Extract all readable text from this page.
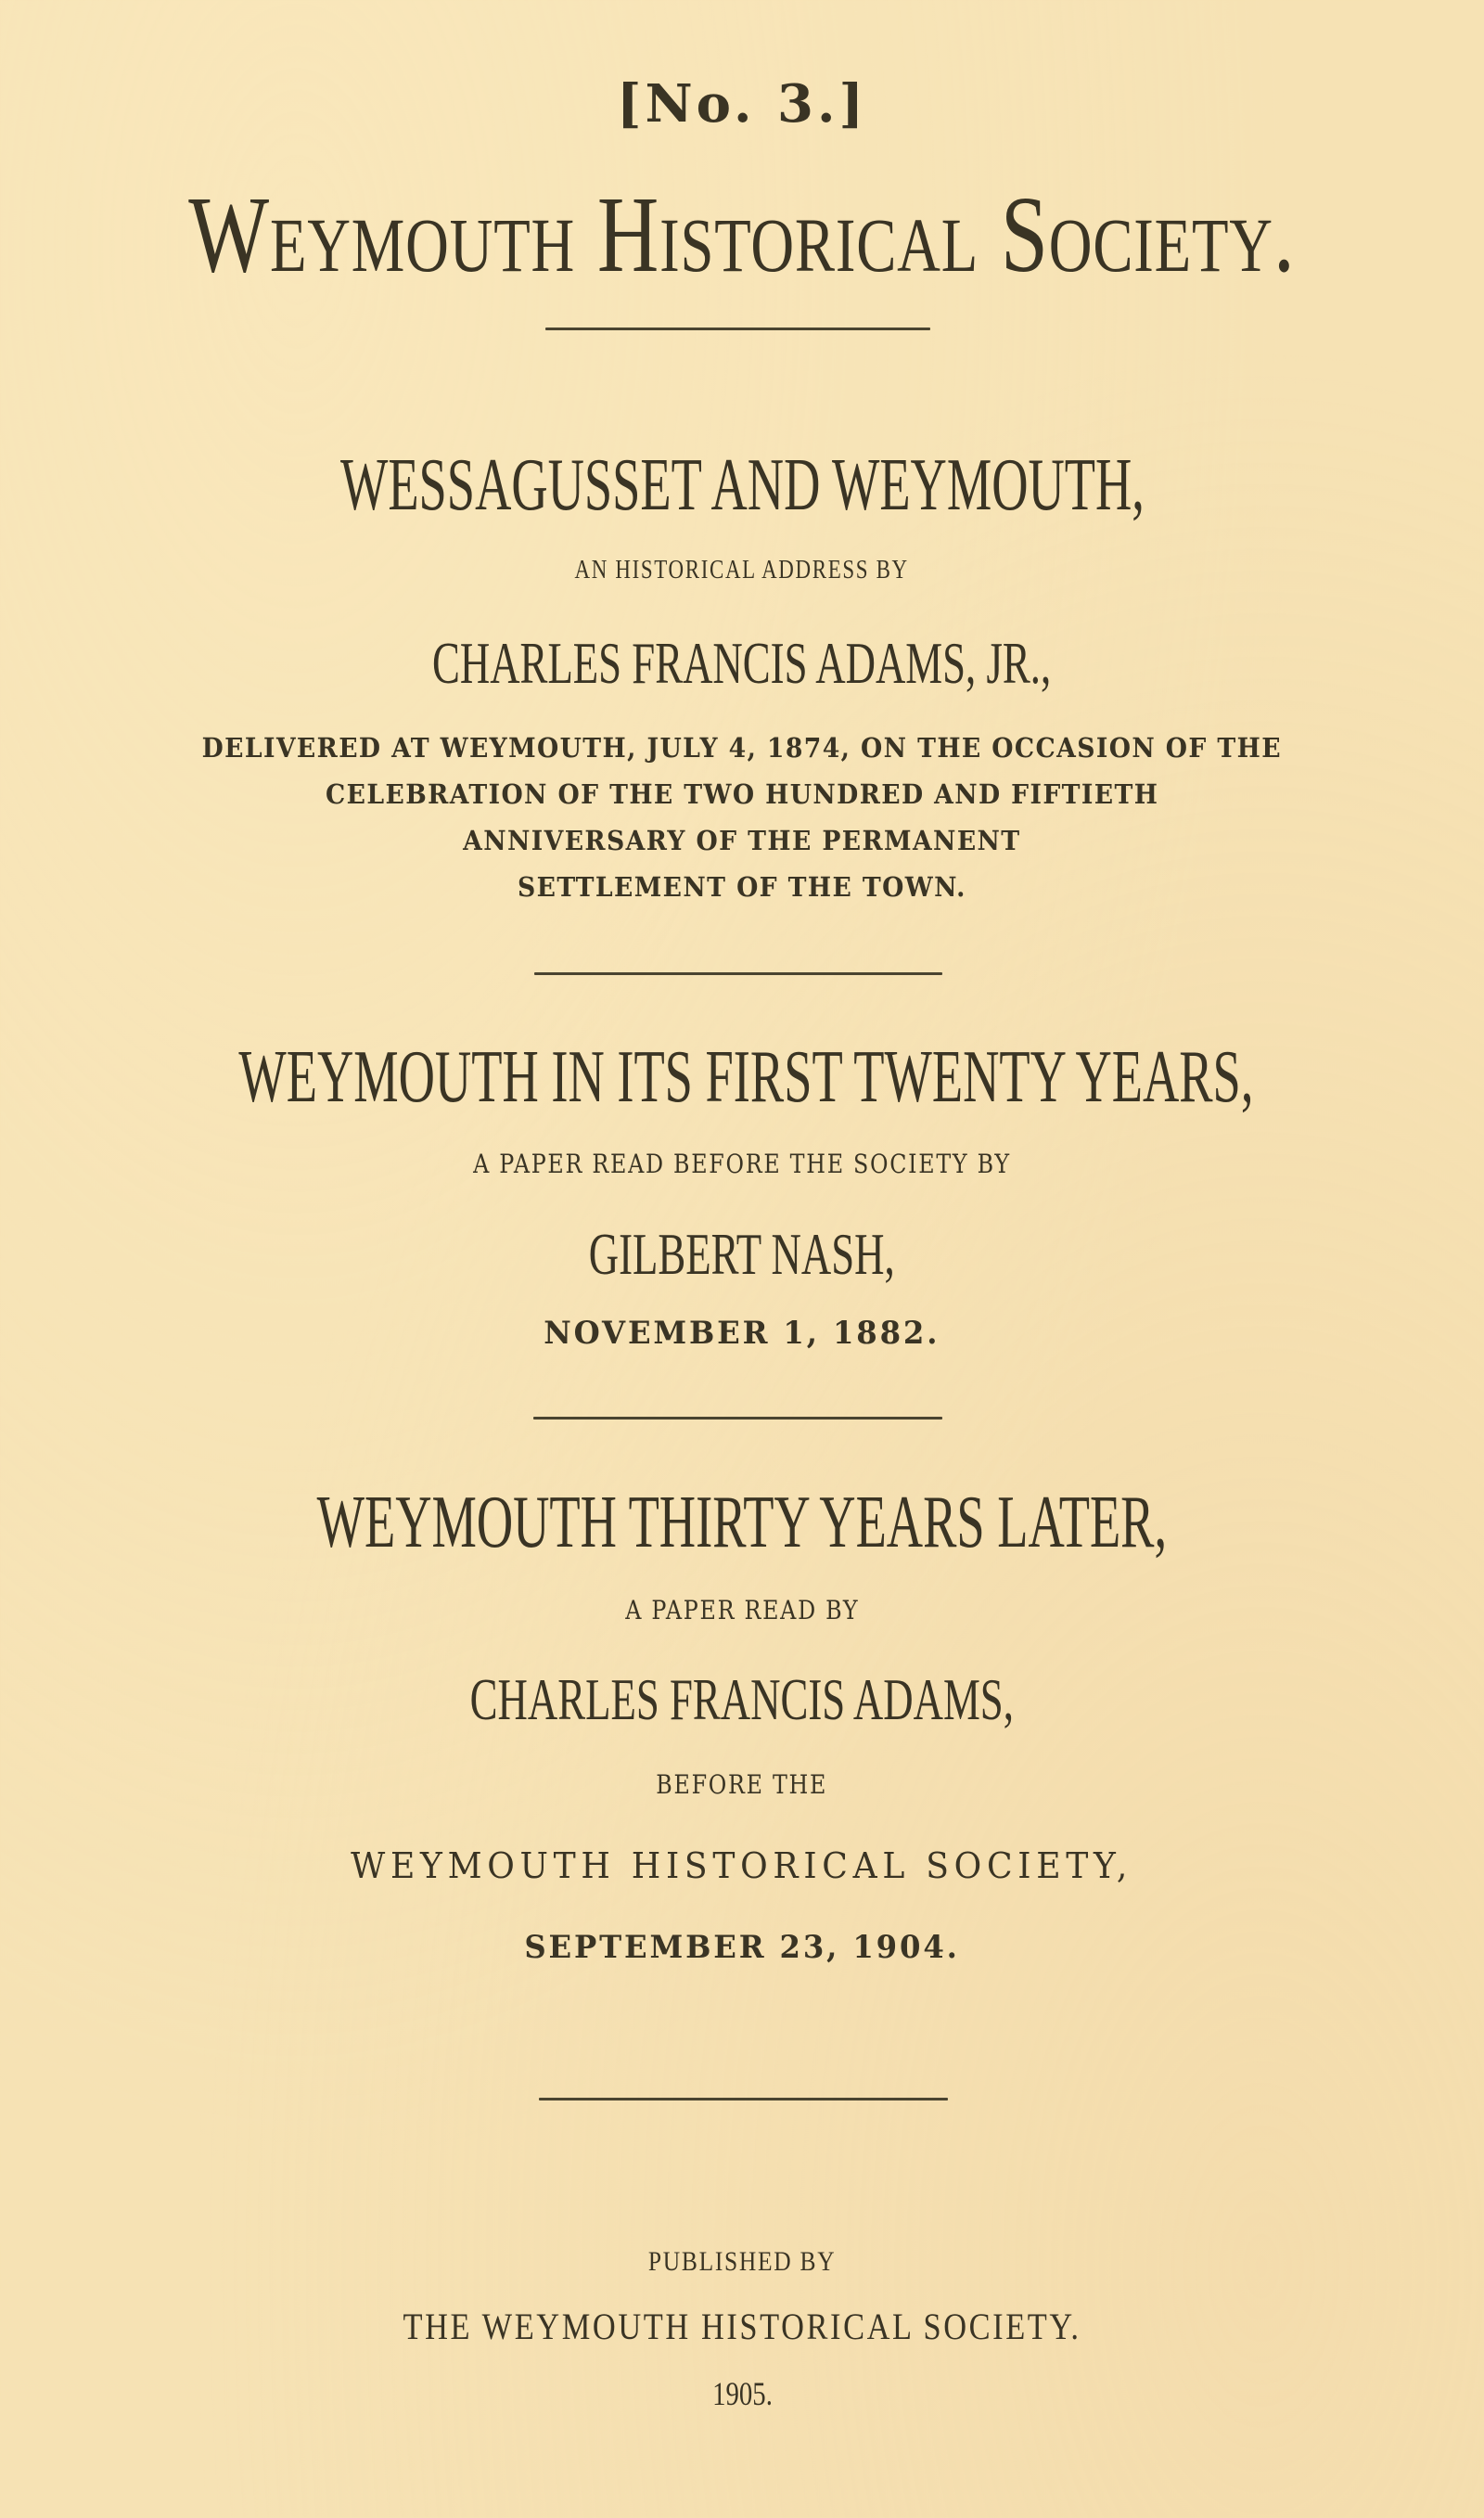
[No. 3.]
Weymouth Historical Society.
WESSAGUSSET AND WEYMOUTH,
AN HISTORICAL ADDRESS BY
CHARLES FRANCIS ADAMS, JR.,
DELIVERED AT WEYMOUTH, JULY 4, 1874, ON THE OCCASION OF THE
CELEBRATION OF THE TWO HUNDRED AND FIFTIETH
ANNIVERSARY OF THE PERMANENT
SETTLEMENT OF THE TOWN.
WEYMOUTH IN ITS FIRST TWENTY YEARS,
A PAPER READ BEFORE THE SOCIETY BY
GILBERT NASH,
NOVEMBER 1, 1882.
WEYMOUTH THIRTY YEARS LATER,
A PAPER READ BY
CHARLES FRANCIS ADAMS,
BEFORE THE
WEYMOUTH HISTORICAL SOCIETY,
SEPTEMBER 23, 1904.
PUBLISHED BY
THE WEYMOUTH HISTORICAL SOCIETY.
1905.
